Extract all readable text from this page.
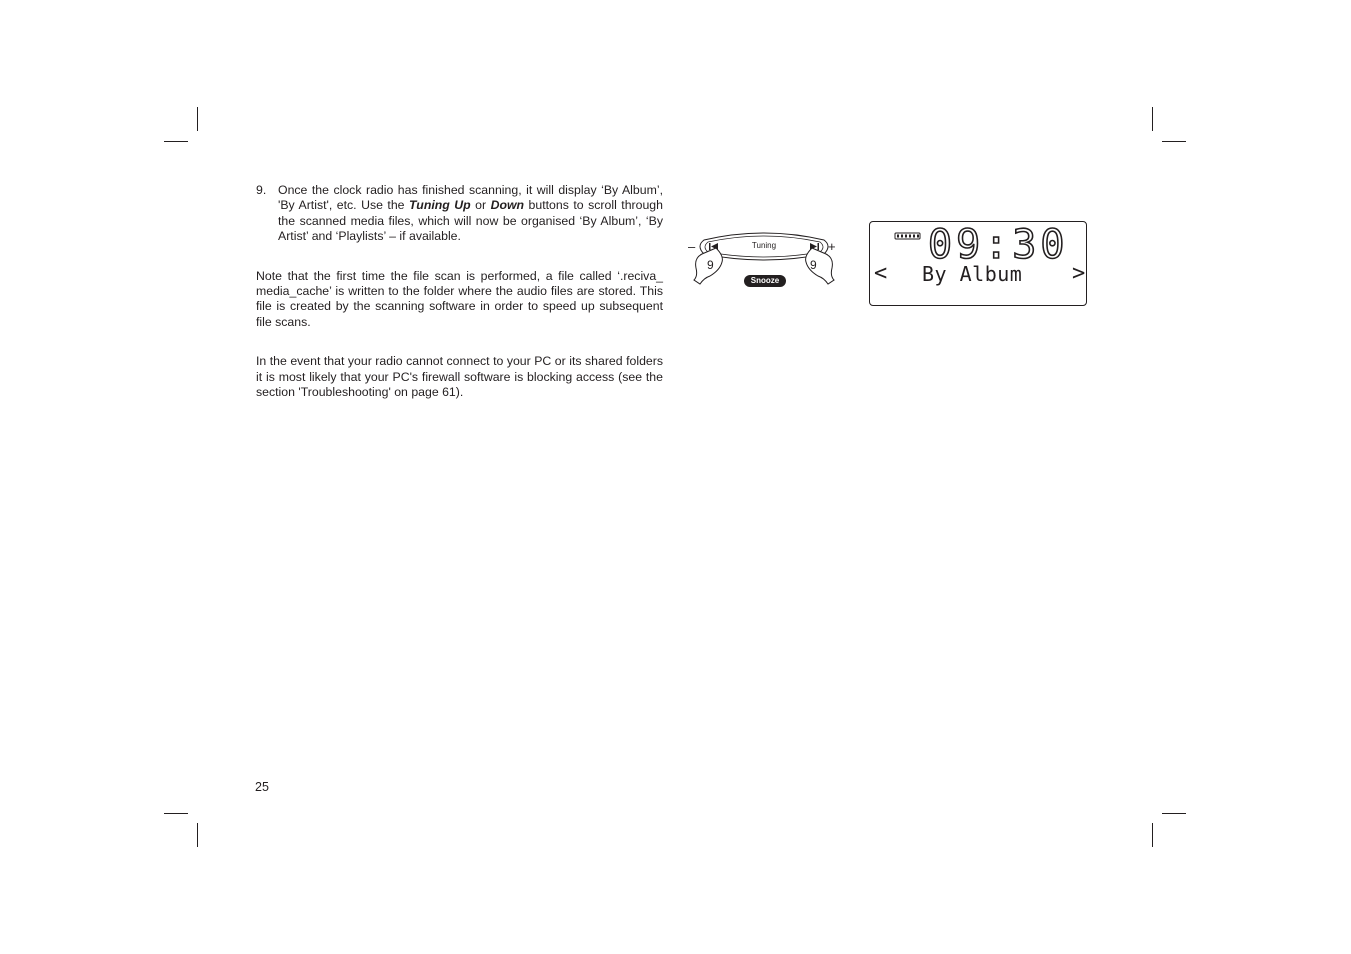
9. Once the clock radio has finished scanning, it will display ‘By Album’, 'By Artist', etc. Use the Tuning Up or Down buttons to scroll through the scanned media files, which will now be organised ‘By Album’, ‘By Artist’ and ‘Playlists’ – if available.
Note that the first time the file scan is performed, a file called ‘.reciva_ media_cache’ is written to the folder where the audio files are stored. This file is created by the scanning software in order to speed up subsequent file scans.
In the event that your radio cannot connect to your PC or its shared folders it is most likely that your PC's firewall software is blocking access (see the section 'Troubleshooting' on page 61).
9	9
–	+
Tuning
Snooze
09:30
< By Album >
25
